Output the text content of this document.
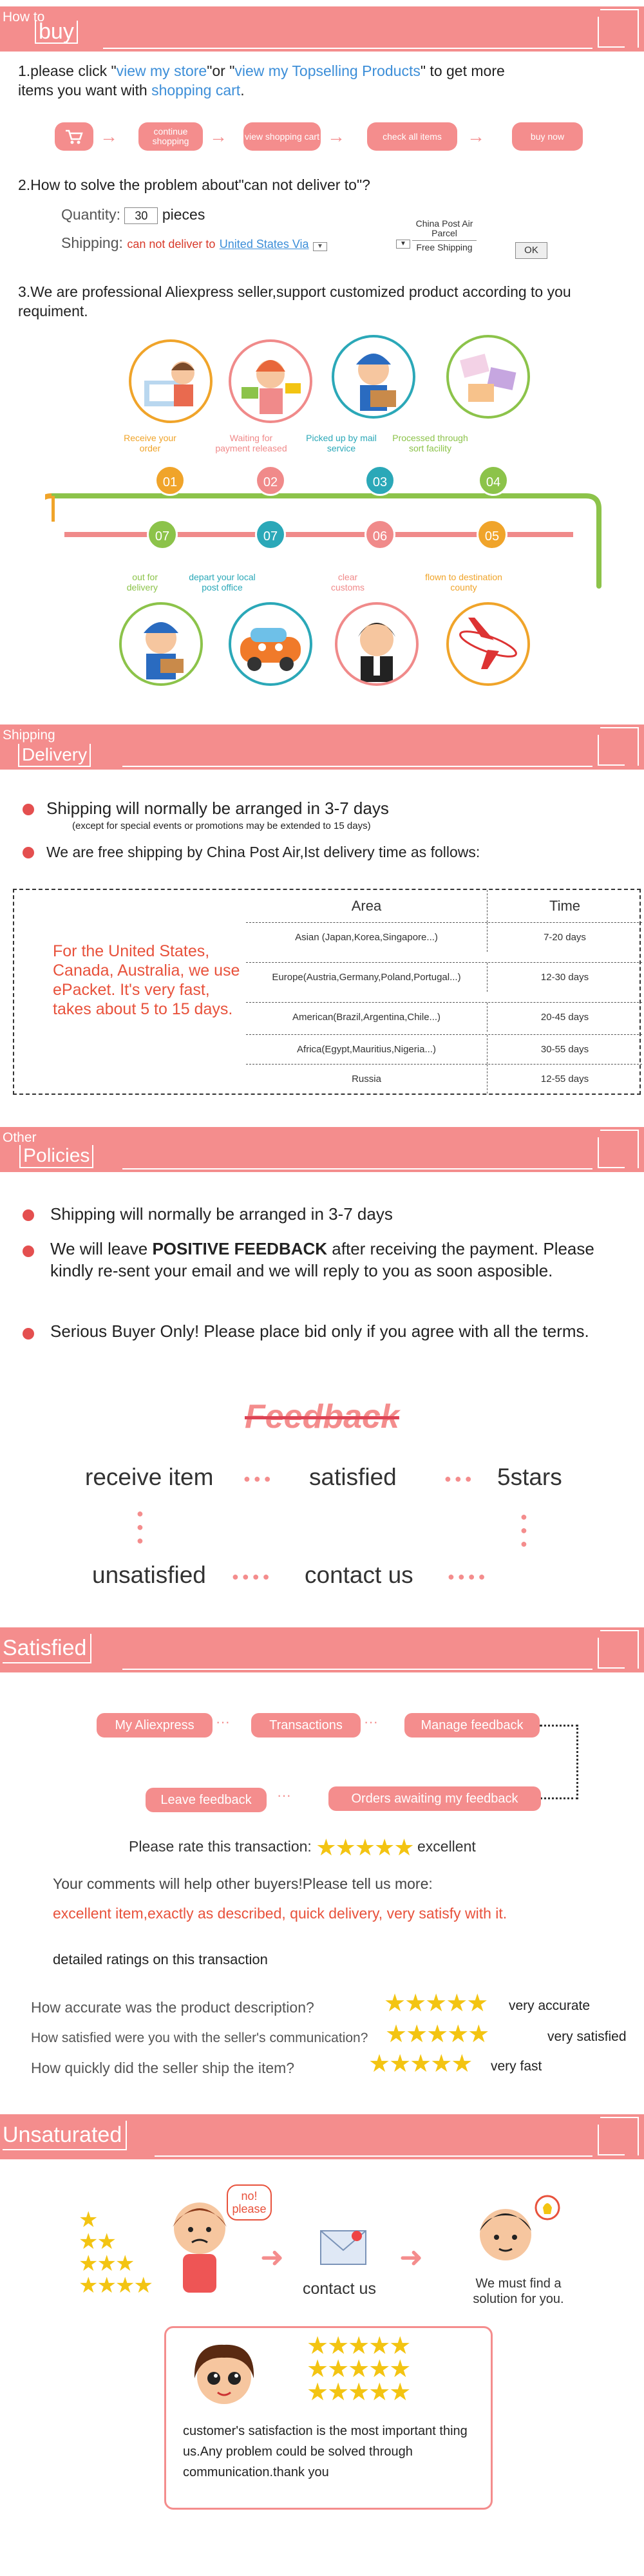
How to
buy
1.please click "view my store"or "view my Topselling Products" to get more
items you want with shopping cart.
→	continue shopping	→ view shopping cart →	check all items	→	buy now
2.How to solve the problem about"can not deliver to"?
Quantity: 30 pieces
Shipping: can not deliver to United States Via ▼
China Post Air Parcel
Free Shipping
▼
OK
3.We are professional Aliexpress seller,support customized product according to you requiment.
Receive your order
Waiting for payment released
Picked up by mail service
Processed through sort facility
01	02	03	04
07	07	06	05
out for delivery
depart your local post office
clear customs
flown to destination county
Shipping
Delivery
Shipping will normally be arranged in 3-7 days
(except for special events or promotions may be extended to 15 days)
We are free shipping by China Post Air,Ist delivery time as follows:
For the United States, Canada, Australia, we use ePacket. It's very fast, takes about 5 to 15 days.
Area	Time
Asian (Japan,Korea,Singapore...)	7-20 days
Europe(Austria,Germany,Poland,Portugal...)	12-30 days
American(Brazil,Argentina,Chile...)	20-45 days
Africa(Egypt,Mauritius,Nigeria...)	30-55 days
Russia	12-55 days
Other
Policies
Shipping will normally be arranged in 3-7 days
We will leave POSITIVE FEEDBACK after receiving the payment. Please kindly re-sent your email and we will reply to you as soon asposible.
Serious Buyer Only! Please place bid only if you agree with all the terms.
Feedback
receive item	satisfied	5stars
unsatisfied	contact us
● ● ●	● ● ●
●
●
●
●
●
●
● ● ● ●	● ● ● ●
Satisfied
My Aliexpress	···	Transactions	···	Manage feedback
Orders awaiting my feedback
···
Leave feedback
Please rate this transaction: ★★★★★ excellent
Your comments will help other buyers!Please tell us more:
excellent item,exactly as described, quick delivery, very satisfy with it.
detailed ratings on this transaction
How accurate was the product description?	★★★★★ very accurate
How satisfied were you with the seller's communication? ★★★★★	very satisfied
How quickly did the seller ship the item?	★★★★★ very fast
Unsaturated
★
★★
★★★
★★★★
no! please
➜
contact us
➜
We must find a solution for you.
★★★★★
★★★★★
★★★★★
customer's satisfaction is the most important thing us.Any problem could be solved through communication.thank you
